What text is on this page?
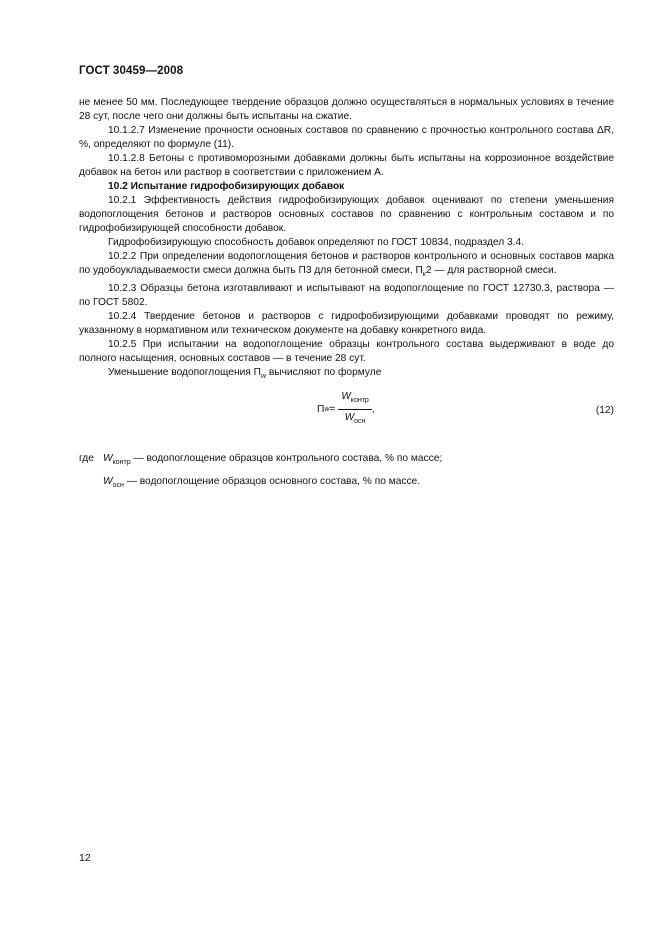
ГОСТ 30459—2008

не менее 50 мм. Последующее твердение образцов должно осуществляться в нормальных условиях в течение 28 сут, после чего они должны быть испытаны на сжатие.

10.1.2.7 Изменение прочности основных составов по сравнению с прочностью контрольного состава ΔR, %, определяют по формуле (11).

10.1.2.8 Бетоны с противоморозными добавками должны быть испытаны на коррозионное воздействие добавок на бетон или раствор в соответствии с приложением А.

10.2 Испытание гидрофобизирующих добавок

10.2.1 Эффективность действия гидрофобизирующих добавок оценивают по степени уменьшения водопоглощения бетонов и растворов основных составов по сравнению с контрольным составом и по гидрофобизирующей способности добавок.

Гидрофобизирующую способность добавок определяют по ГОСТ 10834, подраздел 3.4.

10.2.2 При определении водопоглощения бетонов и растворов контрольного и основных составов марка по удобоукладываемости смеси должна быть П3 для бетонной смеси, $П_к2$ — для растворной смеси.

10.2.3 Образцы бетона изготавливают и испытывают на водопоглощение по ГОСТ 12730.3, растворa — по ГОСТ 5802.

10.2.4 Твердение бетонов и растворов с гидрофобизирующими добавками проводят по режиму, указанному в нормативном или техническом документе на добавку конкретного вида.

10.2.5 При испытании на водопоглощение образцы контрольного состава выдерживают в воде до полного насыщения, основных составов — в течение 28 сут.

Уменьшение водопоглощения $П_w$ вычисляют по формуле

П $w = \frac{W_{контр}}{W_{осн}}$ ,	(12)
где $W_{контр}$ — водопоглощение образцов контрольного состава, % по массе;
$W_{осн}$ — водопоглощение образцов основного состава, % по массе.
12
